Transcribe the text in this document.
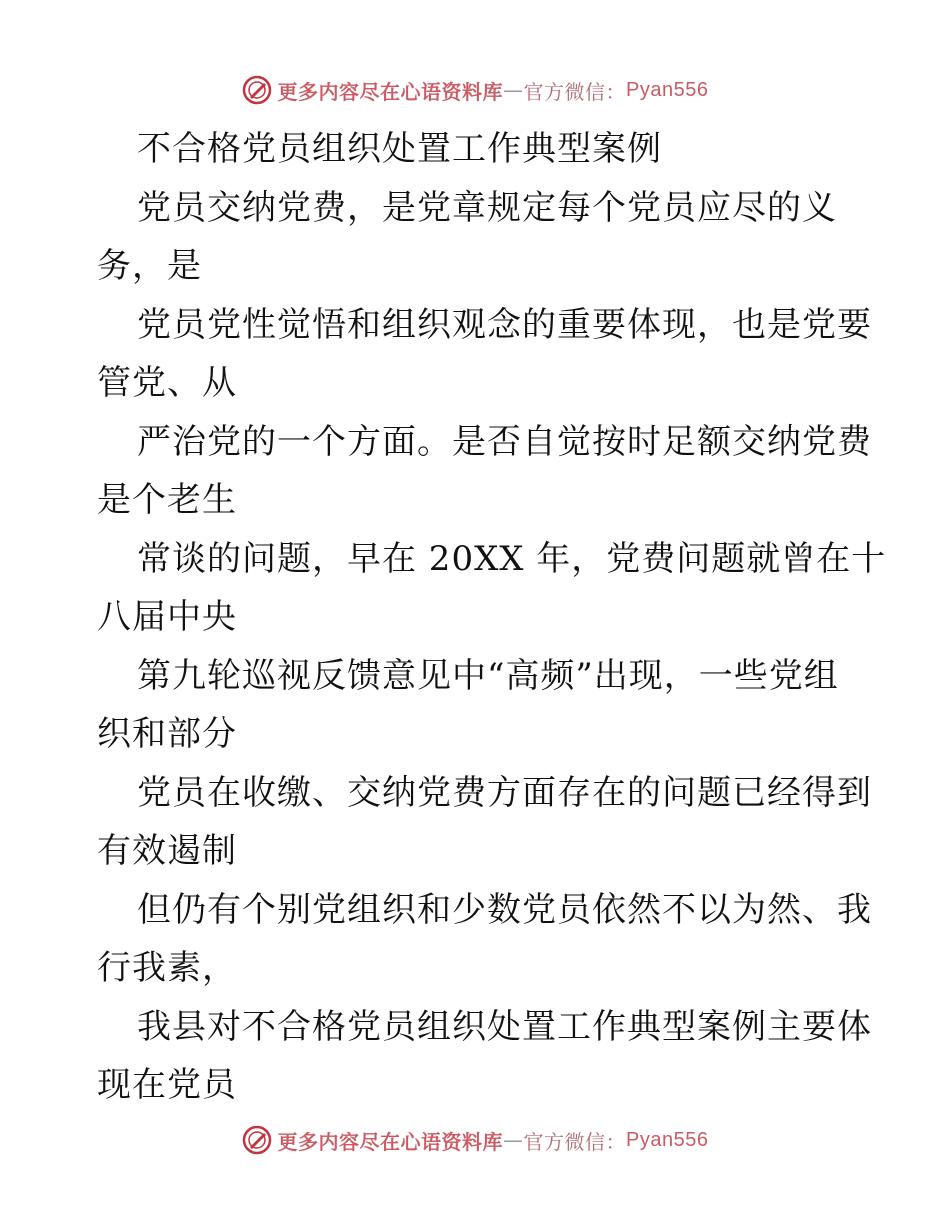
更多内容尽在心语资料库 — 官方微信： Pyan556
不合格党员组织处置工作典型案例
党员交纳党费，是党章规定每个党员应尽的义
务，是
党员党性觉悟和组织观念的重要体现，也是党要
管党、从
严治党的一个方面。是否自觉按时足额交纳党费
是个老生
常谈的问题，早在 20XX 年，党费问题就曾在十
八届中央
第九轮巡视反馈意见中“高频”出现，一些党组
织和部分
党员在收缴、交纳党费方面存在的问题已经得到
有效遏制
但仍有个别党组织和少数党员依然不以为然、我
行我素，
我县对不合格党员组织处置工作典型案例主要体
现在党员
更多内容尽在心语资料库 — 官方微信： Pyan556
